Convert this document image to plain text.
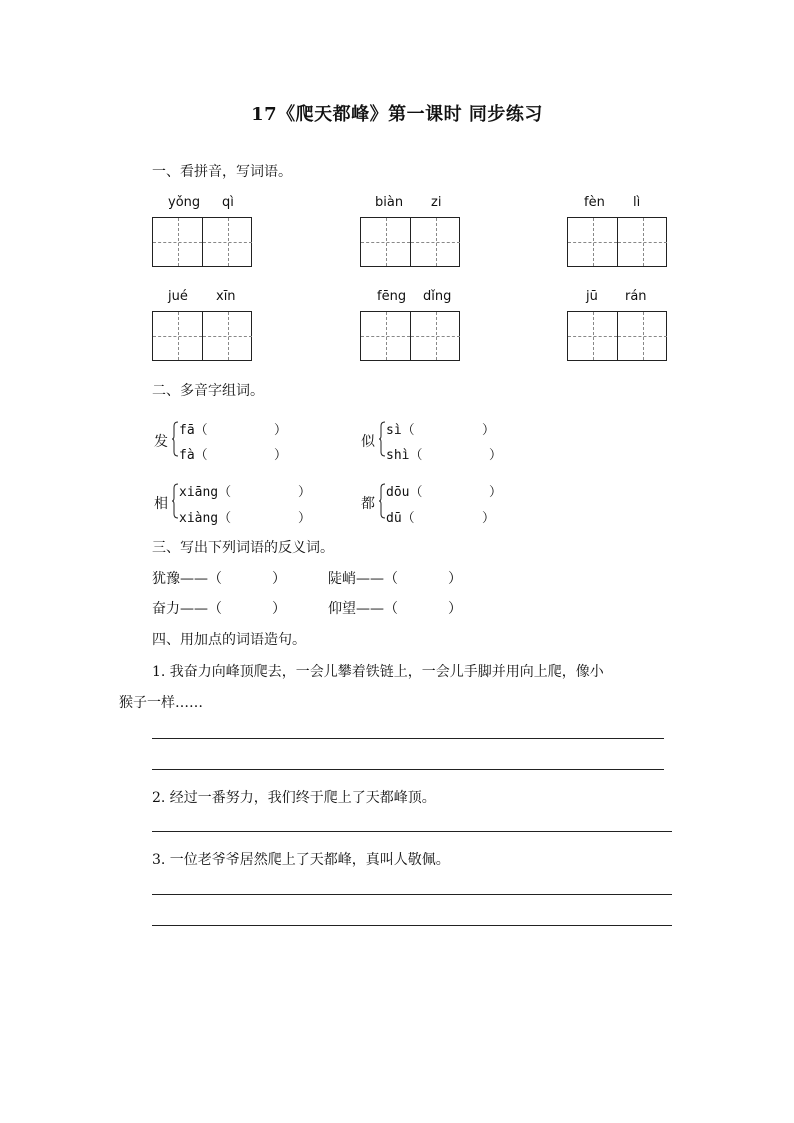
17《爬天都峰》第一课时 同步练习
一、看拼音，写词语。
yǒng qì	biàn zi	fèn lì
jué xīn	fēng dǐng	jū rán
二、多音字组词。
发
fā（	）
fà（	）
似
sì（	）
shì（	）
相
xiāng（	）
xiàng（	）
都
dōu（	）
dū（	）
三、写出下列词语的反义词。
犹豫——（	）	陡峭——（	）
奋力——（	）	仰望——（	）
四、用加点的词语造句。
1. 我奋力向峰顶爬去，一会儿攀着铁链上，一会儿手脚并用向上爬，像小
猴子一样……
2. 经过一番努力，我们终于爬上了天都峰顶。
3. 一位老爷爷居然爬上了天都峰，真叫人敬佩。
